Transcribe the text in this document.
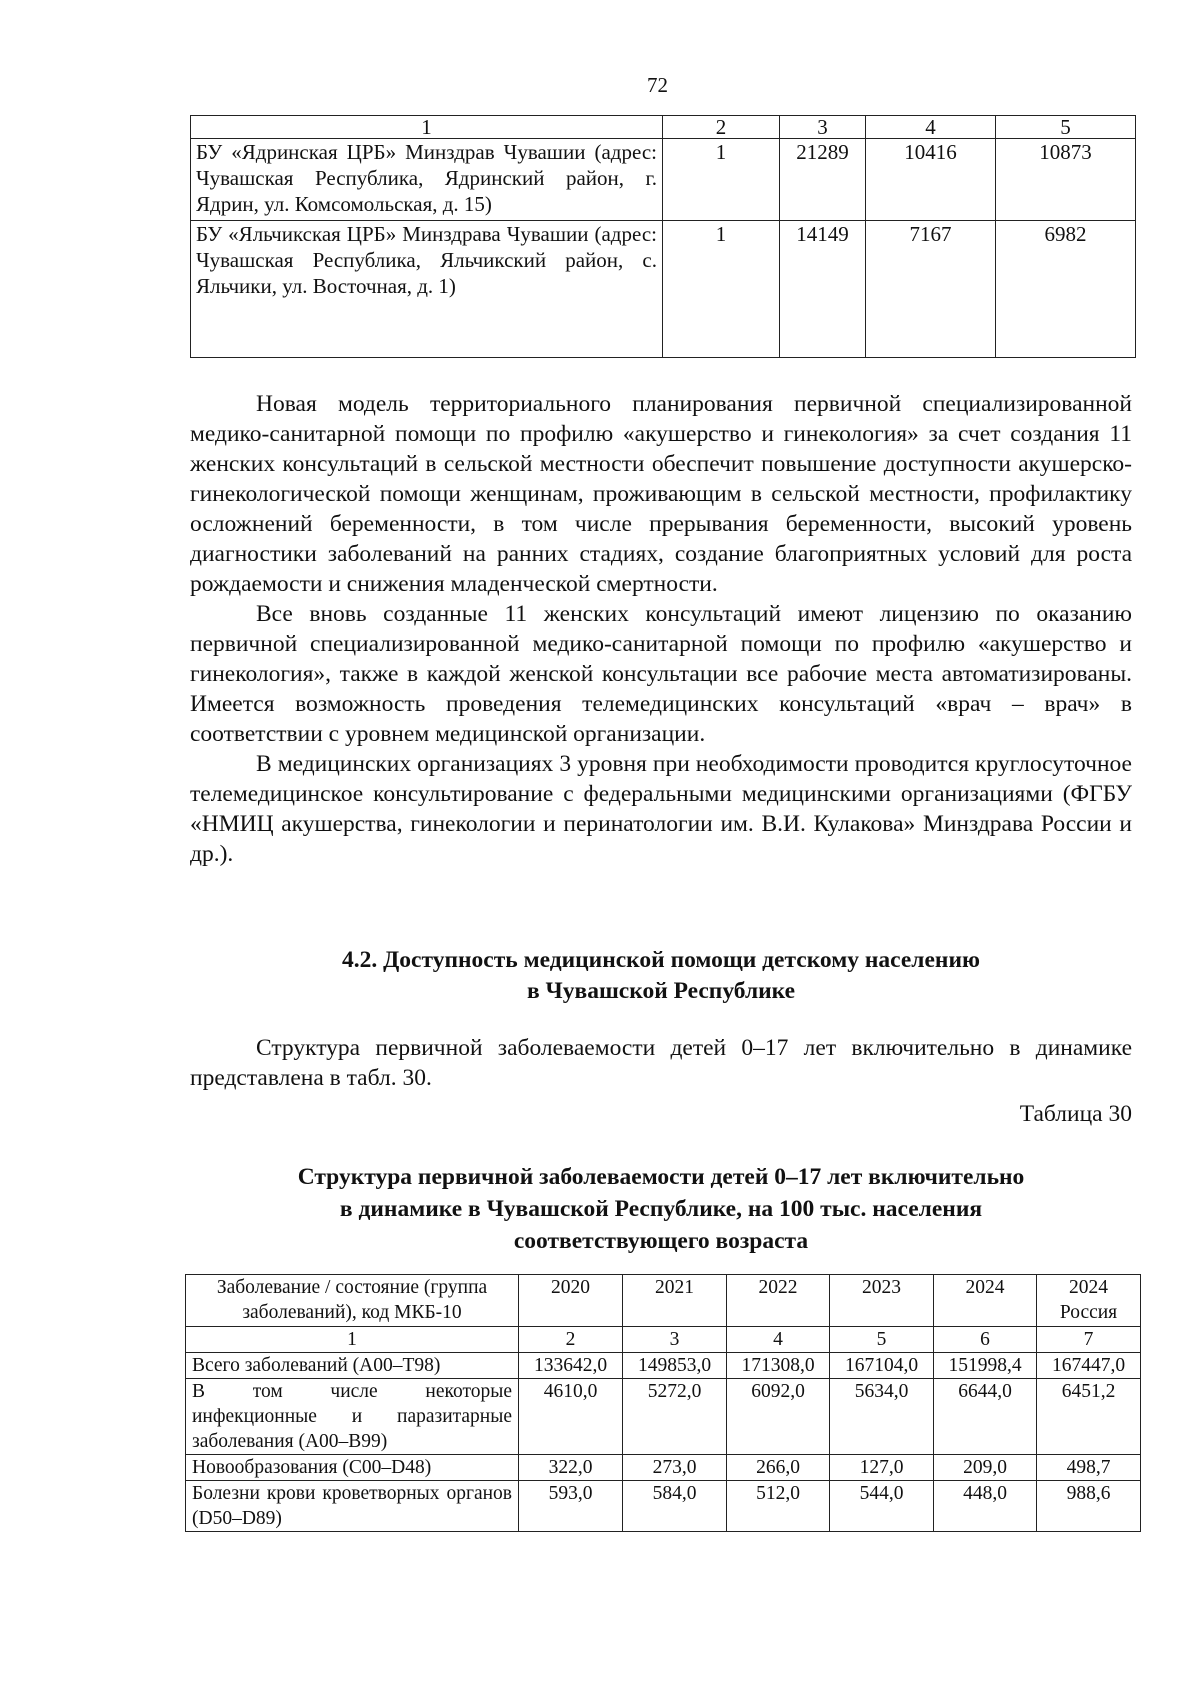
72
1	2	3	4	5
БУ «Ядринская ЦРБ» Минздрав Чувашии (адрес: Чувашская Республика, Ядринский район, г. Ядрин, ул. Комсомольская, д. 15)	1	21289	10416	10873
БУ «Яльчикская ЦРБ» Минздрава Чувашии (адрес: Чувашская Республика, Яльчикский район, с. Яльчики, ул. Восточная, д. 1)	1	14149	7167	6982

Новая модель территориального планирования первичной специализированной медико-санитарной помощи по профилю «акушерство и гинекология» за счет создания 11 женских консультаций в сельской местности обеспечит повышение доступности акушерско-гинекологической помощи женщинам, проживающим в сельской местности, профилактику осложнений беременности, в том числе прерывания беременности, высокий уровень диагностики заболеваний на ранних стадиях, создание благоприятных условий для роста рождаемости и снижения младенческой смертности.

Все вновь созданные 11 женских консультаций имеют лицензию по оказанию первичной специализированной медико-санитарной помощи по профилю «акушерство и гинекология», также в каждой женской консультации все рабочие места автоматизированы. Имеется возможность проведения телемедицинских консультаций «врач – врач» в соответствии с уровнем медицинской организации.

В медицинских организациях 3 уровня при необходимости проводится круглосуточное телемедицинское консультирование с федеральными медицинскими организациями (ФГБУ «НМИЦ акушерства, гинекологии и перинатологии им. В.И. Кулакова» Минздрава России и др.).

4.2. Доступность медицинской помощи детскому населению
в Чувашской Республике

Структура первичной заболеваемости детей 0–17 лет включительно в динамике представлена в табл. 30.

Таблица 30
Структура первичной заболеваемости детей 0–17 лет включительно
в динамике в Чувашской Республике, на 100 тыс. населения
соответствующего возраста
Заболевание / состояние (группа заболеваний), код МКБ-10	2020	2021	2022	2023	2024	2024 Россия
1	2	3	4	5	6	7
Всего заболеваний (А00–Т98)	133642,0	149853,0	171308,0	167104,0	151998,4	167447,0
В том числе некоторые инфекционные и паразитарные заболевания (А00–В99)	4610,0	5272,0	6092,0	5634,0	6644,0	6451,2
Новообразования (С00–D48)	322,0	273,0	266,0	127,0	209,0	498,7
Болезни крови кроветворных органов (D50–D89)	593,0	584,0	512,0	544,0	448,0	988,6
